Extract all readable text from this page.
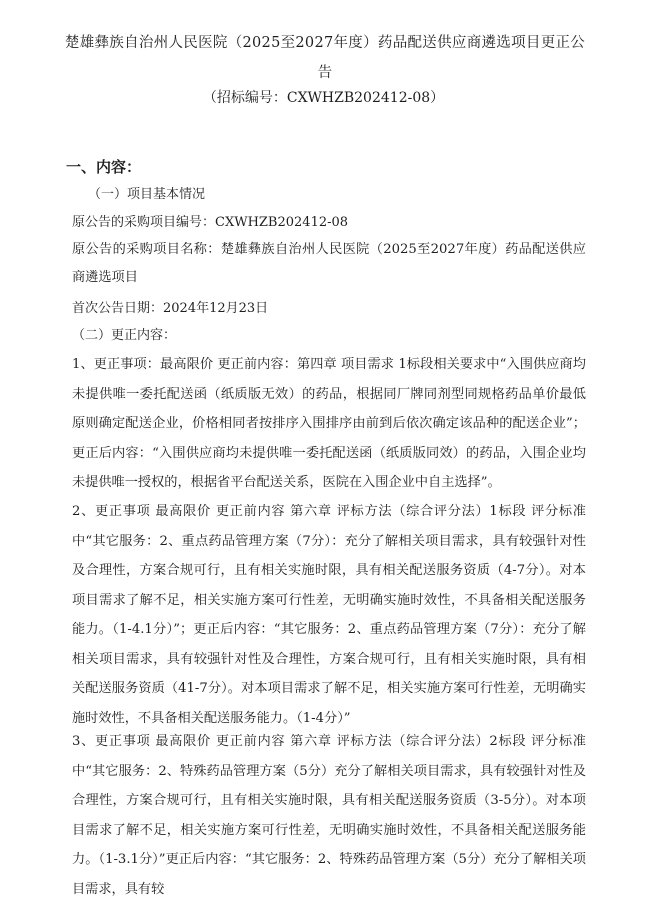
楚雄彝族自治州人民医院（2025至2027年度）药品配送供应商遴选项目更正公告
（招标编号：CXWHZB202412-08）
一、内容：
（一）项目基本情况
原公告的采购项目编号：CXWHZB202412-08
原公告的采购项目名称：楚雄彝族自治州人民医院（2025至2027年度）药品配送供应商遴选项目
首次公告日期：2024年12月23日
（二）更正内容：
1、更正事项：最高限价 更正前内容：第四章 项目需求 1标段相关要求中“入围供应商均未提供唯一委托配送函（纸质版无效）的药品，根据同厂牌同剂型同规格药品单价最低原则确定配送企业，价格相同者按排序入围排序由前到后依次确定该品种的配送企业”；更正后内容：“入围供应商均未提供唯一委托配送函（纸质版同效）的药品，入围企业均未提供唯一授权的，根据省平台配送关系，医院在入围企业中自主选择”。
2、更正事项 最高限价 更正前内容 第六章 评标方法（综合评分法）1标段 评分标准中“其它服务：2、重点药品管理方案（7分）：充分了解相关项目需求，具有较强针对性及合理性，方案合规可行，且有相关实施时限，具有相关配送服务资质（4-7分）。对本项目需求了解不足，相关实施方案可行性差，无明确实施时效性，不具备相关配送服务能力。（1-4.1分）”；更正后内容：“其它服务：2、重点药品管理方案（7分）：充分了解相关项目需求，具有较强针对性及合理性，方案合规可行，且有相关实施时限，具有相关配送服务资质（41-7分）。对本项目需求了解不足，相关实施方案可行性差，无明确实施时效性，不具备相关配送服务能力。（1-4分）”
3、更正事项 最高限价 更正前内容 第六章 评标方法（综合评分法）2标段 评分标准中“其它服务：2、特殊药品管理方案（5分）充分了解相关项目需求，具有较强针对性及合理性，方案合规可行，且有相关实施时限，具有相关配送服务资质（3-5分）。对本项目需求了解不足，相关实施方案可行性差，无明确实施时效性，不具备相关配送服务能力。（1-3.1分）”更正后内容：“其它服务：2、特殊药品管理方案（5分）充分了解相关项目需求，具有较
